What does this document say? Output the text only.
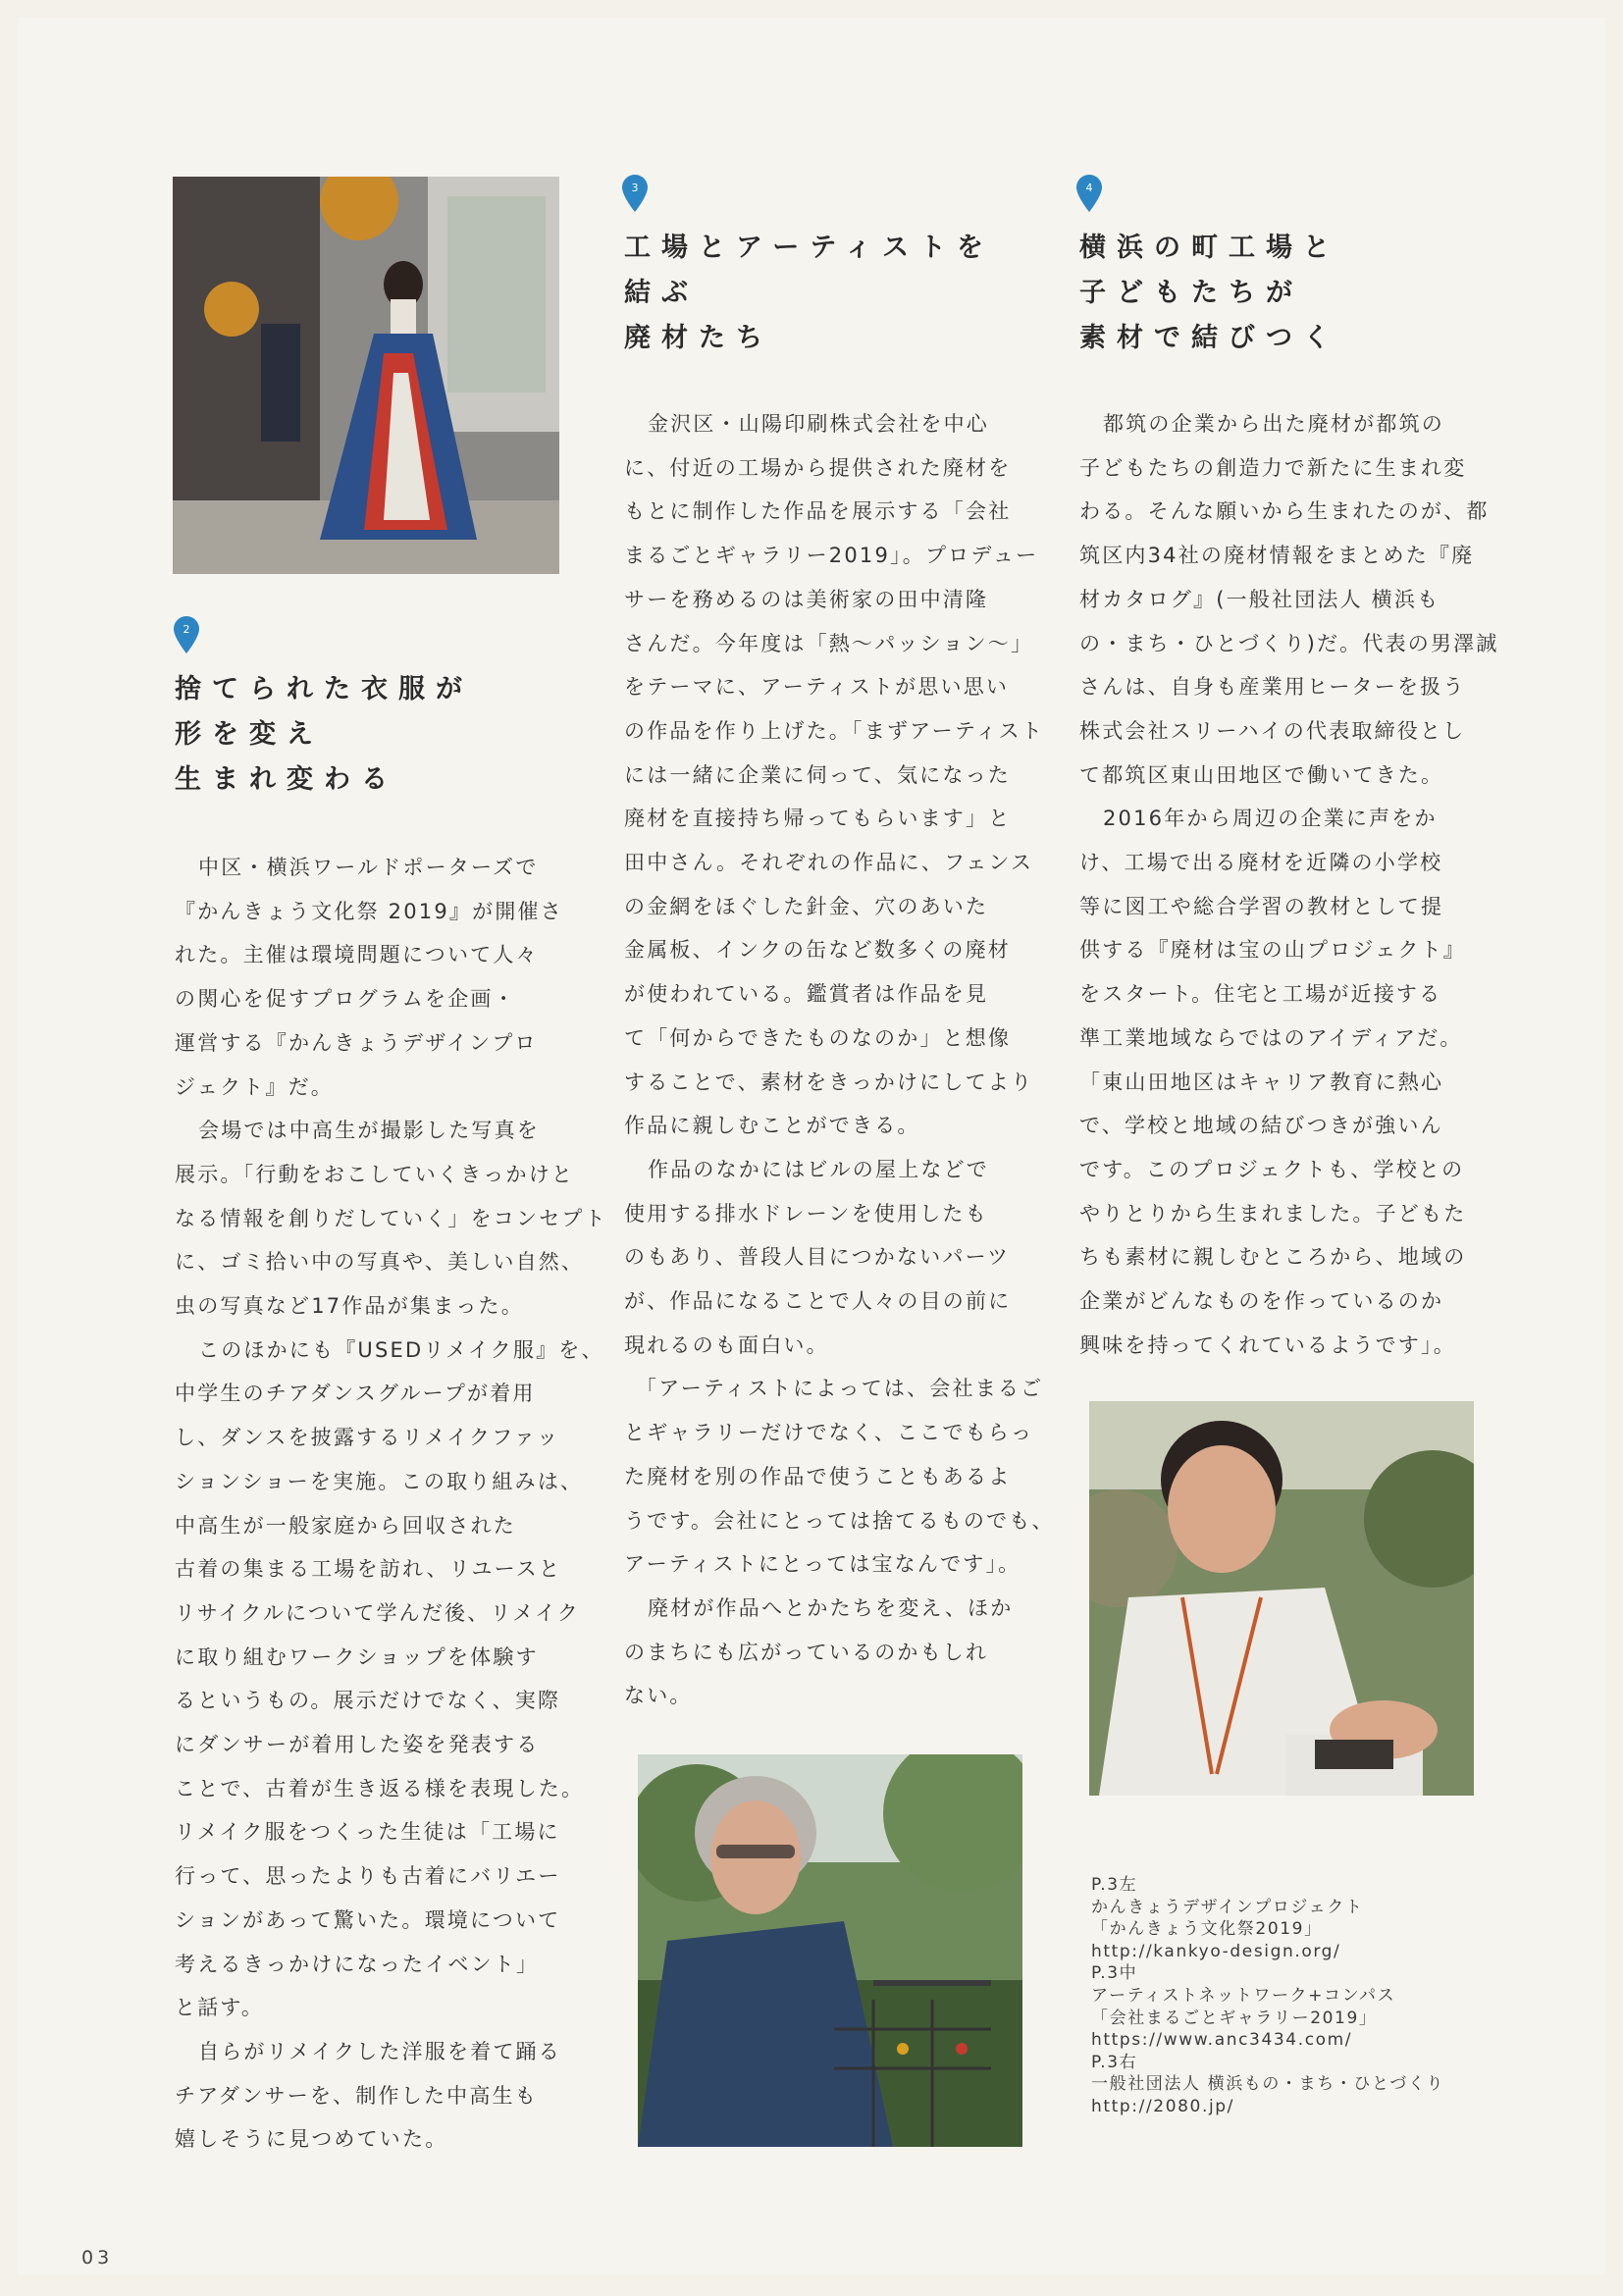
2
捨てられた衣服が
形を変え
生まれ変わる
中区・横浜ワールドポーターズで
『かんきょう文化祭 2019』が開催さ
れた。主催は環境問題について人々
の関心を促すプログラムを企画・
運営する『かんきょうデザインプロ
ジェクト』だ。
会場では中高生が撮影した写真を
展示。「行動をおこしていくきっかけと
なる情報を創りだしていく」をコンセプト
に、ゴミ拾い中の写真や、美しい自然、
虫の写真など17作品が集まった。
このほかにも『USEDリメイク服』を、
中学生のチアダンスグループが着用
し、ダンスを披露するリメイクファッ
ションショーを実施。この取り組みは、
中高生が一般家庭から回収された
古着の集まる工場を訪れ、リユースと
リサイクルについて学んだ後、リメイク
に取り組むワークショップを体験す
るというもの。展示だけでなく、実際
にダンサーが着用した姿を発表する
ことで、古着が生き返る様を表現した。
リメイク服をつくった生徒は「工場に
行って、思ったよりも古着にバリエー
ションがあって驚いた。環境について
考えるきっかけになったイベント」
と話す。
自らがリメイクした洋服を着て踊る
チアダンサーを、制作した中高生も
嬉しそうに見つめていた。
3
工場とアーティストを
結ぶ
廃材たち
金沢区・山陽印刷株式会社を中心
に、付近の工場から提供された廃材を
もとに制作した作品を展示する「会社
まるごとギャラリー2019」。プロデュー
サーを務めるのは美術家の田中清隆
さんだ。今年度は「熱〜パッション〜」
をテーマに、アーティストが思い思い
の作品を作り上げた。「まずアーティスト
には一緒に企業に伺って、気になった
廃材を直接持ち帰ってもらいます」と
田中さん。それぞれの作品に、フェンス
の金網をほぐした針金、穴のあいた
金属板、インクの缶など数多くの廃材
が使われている。鑑賞者は作品を見
て「何からできたものなのか」と想像
することで、素材をきっかけにしてより
作品に親しむことができる。
作品のなかにはビルの屋上などで
使用する排水ドレーンを使用したも
のもあり、普段人目につかないパーツ
が、作品になることで人々の目の前に
現れるのも面白い。
「アーティストによっては、会社まるご
とギャラリーだけでなく、ここでもらっ
た廃材を別の作品で使うこともあるよ
うです。会社にとっては捨てるものでも、
アーティストにとっては宝なんです」。
廃材が作品へとかたちを変え、ほか
のまちにも広がっているのかもしれ
ない。
4
横浜の町工場と
子どもたちが
素材で結びつく
都筑の企業から出た廃材が都筑の
子どもたちの創造力で新たに生まれ変
わる。そんな願いから生まれたのが、都
筑区内34社の廃材情報をまとめた『廃
材カタログ』(一般社団法人 横浜も
の・まち・ひとづくり)だ。代表の男澤誠
さんは、自身も産業用ヒーターを扱う
株式会社スリーハイの代表取締役とし
て都筑区東山田地区で働いてきた。
2016年から周辺の企業に声をか
け、工場で出る廃材を近隣の小学校
等に図工や総合学習の教材として提
供する『廃材は宝の山プロジェクト』
をスタート。住宅と工場が近接する
準工業地域ならではのアイディアだ。
「東山田地区はキャリア教育に熱心
で、学校と地域の結びつきが強いん
です。このプロジェクトも、学校との
やりとりから生まれました。子どもた
ちも素材に親しむところから、地域の
企業がどんなものを作っているのか
興味を持ってくれているようです」。
P.3左
かんきょうデザインプロジェクト
「かんきょう文化祭2019」
http://kankyo-design.org/
P.3中
アーティストネットワーク+コンパス
「会社まるごとギャラリー2019」
https://www.anc3434.com/
P.3右
一般社団法人 横浜もの・まち・ひとづくり
http://2080.jp/
03
